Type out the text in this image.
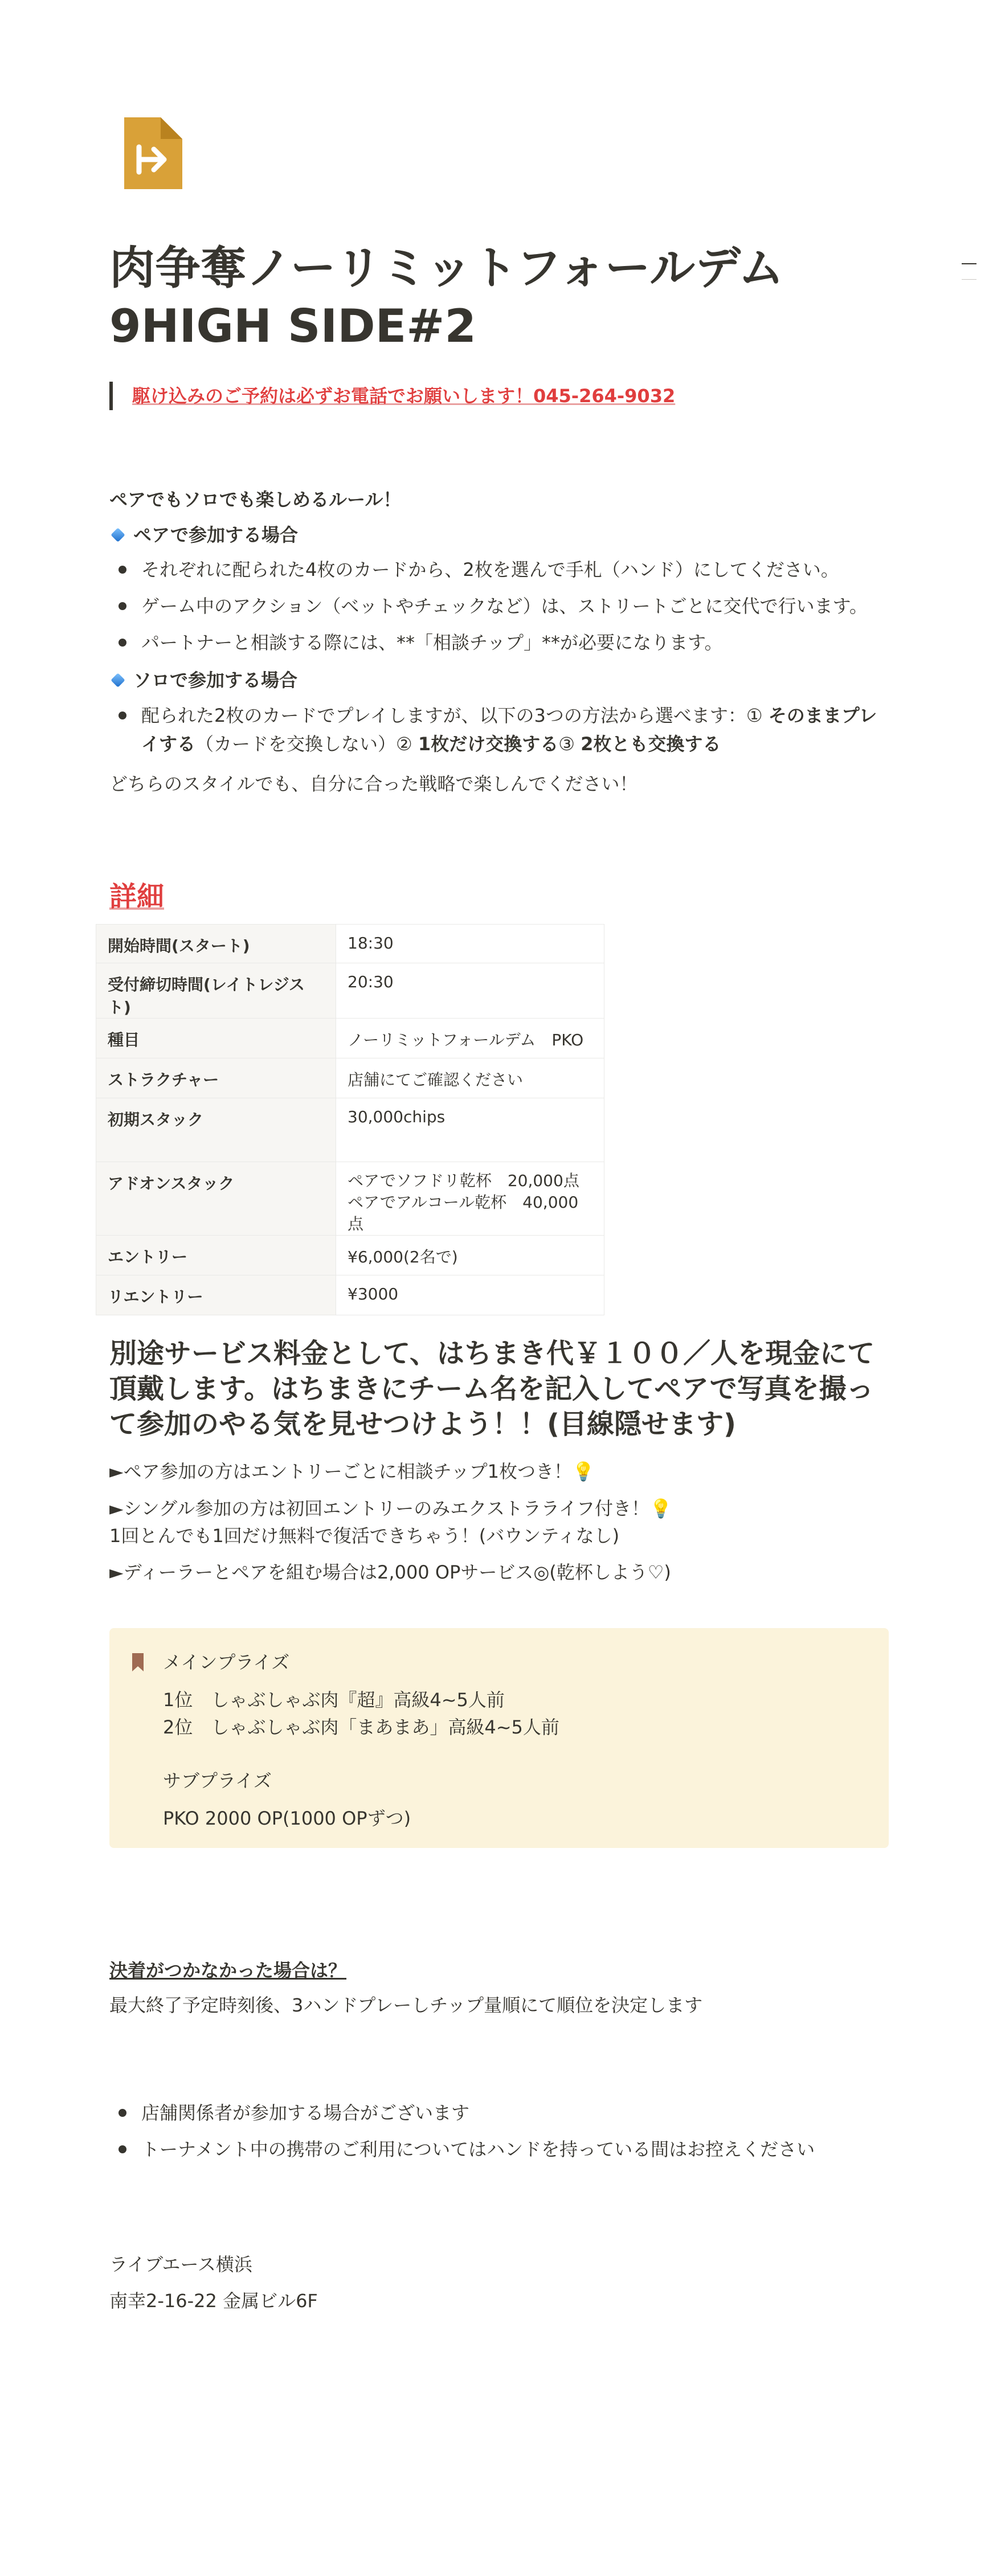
肉争奪ノーリミットフォールデム
9HIGH SIDE#2
駆け込みのご予約は必ずお電話でお願いします！045-264-9032
ペアでもソロでも楽しめるルール！
ペアで参加する場合
それぞれに配られた4枚のカードから、2枚を選んで手札（ハンド）にしてください。
ゲーム中のアクション（ベットやチェックなど）は、ストリートごとに交代で行います。
パートナーと相談する際には、**「相談チップ」**が必要になります。
ソロで参加する場合
配られた2枚のカードでプレイしますが、以下の3つの方法から選べます：① そのままプレ
イする（カードを交換しない）② 1枚だけ交換する③ 2枚とも交換する
どちらのスタイルでも、自分に合った戦略で楽しんでください！
詳細
開始時間(スタート)	18:30
受付締切時間(レイトレジスト)	20:30
種目	ノーリミットフォールデム　PKO
ストラクチャー	店舗にてご確認ください
初期スタック	30,000chips
アドオンスタック	ペアでソフドリ乾杯　20,000点
ペアでアルコール乾杯　40,000点

エントリー	¥6,000(2名で)
リエントリー	¥3000
別途サービス料金として、はちまき代￥１００／人を現金にて
頂戴します。はちまきにチーム名を記入してペアで写真を撮っ
て参加のやる気を見せつけよう！！(目線隠せます)
►ペア参加の方はエントリーごとに相談チップ1枚つき！💡
►シングル参加の方は初回エントリーのみエクストラライフ付き！💡
1回とんでも1回だけ無料で復活できちゃう！(バウンティなし)
►ディーラーとペアを組む場合は2,000 OPサービス◎(乾杯しよう♡)
メインプライズ
1位　しゃぶしゃぶ肉『超』高級4~5人前
2位　しゃぶしゃぶ肉「まあまあ」高級4~5人前
サブプライズ
PKO 2000 OP(1000 OPずつ)
決着がつかなかった場合は？
最大終了予定時刻後、3ハンドプレーしチップ量順にて順位を決定します
店舗関係者が参加する場合がございます
トーナメント中の携帯のご利用についてはハンドを持っている間はお控えください
ライブエース横浜
南幸2-16-22 金属ビル6F
